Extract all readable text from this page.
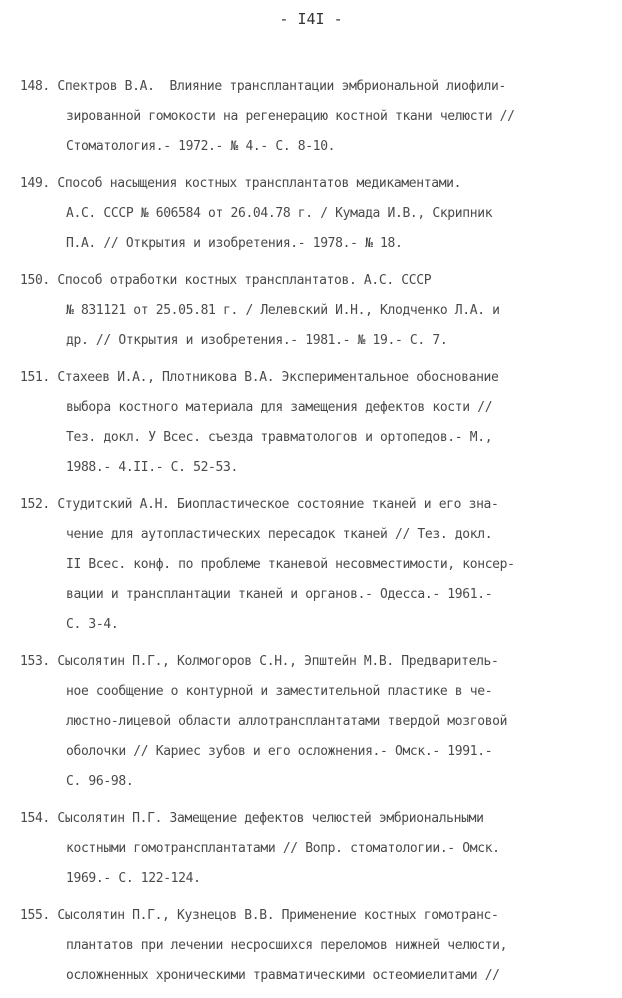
- I4I -
148. Спектров В.А.  Влияние трансплантации эмбриональной лиофили-
зированной гомокости на регенерацию костной ткани челюсти //
Стоматология.- 1972.- № 4.- С. 8-10.
149. Способ насыщения костных трансплантатов медикаментами.
А.С. СССР № 606584 от 26.04.78 г. / Кумада И.В., Скрипник
П.А. // Открытия и изобретения.- 1978.- № 18.
150. Способ отработки костных трансплантатов. А.С. СССР
№ 831121 от 25.05.81 г. / Лелевский И.Н., Клодченко Л.А. и
др. // Открытия и изобретения.- 1981.- № 19.- С. 7.
151. Стахеев И.А., Плотникова В.А. Экспериментальное обоснование
выбора костного материала для замещения дефектов кости //
Тез. докл. У Всес. съезда травматологов и ортопедов.- М.,
1988.- 4.II.- С. 52-53.
152. Студитский А.Н. Биопластическое состояние тканей и его зна-
чение для аутопластических пересадок тканей // Тез. докл.
II Всес. конф. по проблеме тканевой несовместимости, консер-
вации и трансплантации тканей и органов.- Одесса.- 1961.-
С. 3-4.
153. Сысолятин П.Г., Колмогоров С.Н., Эпштейн М.В. Предваритель-
ное сообщение о контурной и заместительной пластике в че-
люстно-лицевой области аллотрансплантатами твердой мозговой
оболочки // Кариес зубов и его осложнения.- Омск.- 1991.-
С. 96-98.
154. Сысолятин П.Г. Замещение дефектов челюстей эмбриональными
костными гомотрансплантатами // Вопр. стоматологии.- Омск.
1969.- С. 122-124.
155. Сысолятин П.Г., Кузнецов В.В. Применение костных гомотранс-
плантатов при лечении несросшихся переломов нижней челюсти,
осложненных хроническими травматическими остеомиелитами //
